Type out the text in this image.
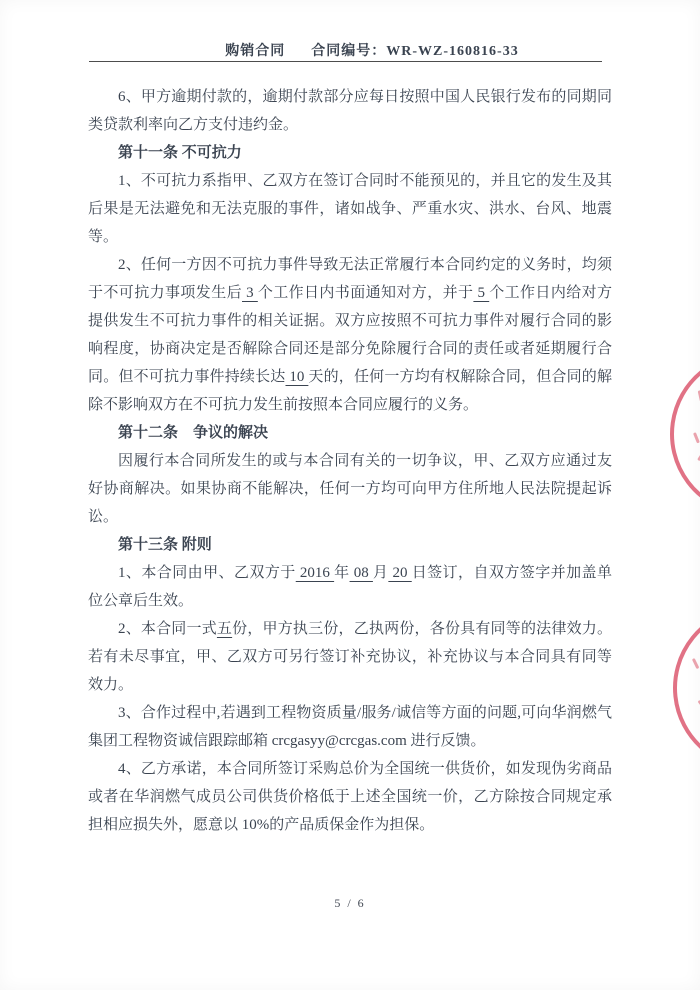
购销合同 合同编号：WR-WZ-160816-33

6、甲方逾期付款的，逾期付款部分应每日按照中国人民银行发布的同期同类贷款利率向乙方支付违约金。

第十一条 不可抗力

1、不可抗力系指甲、乙双方在签订合同时不能预见的，并且它的发生及其后果是无法避免和无法克服的事件，诸如战争、严重水灾、洪水、台风、地震等。

2、任何一方因不可抗力事件导致无法正常履行本合同约定的义务时，均须于不可抗力事项发生后 3 个工作日内书面通知对方，并于 5 个工作日内给对方提供发生不可抗力事件的相关证据。双方应按照不可抗力事件对履行合同的影响程度，协商决定是否解除合同还是部分免除履行合同的责任或者延期履行合同。但不可抗力事件持续长达 10 天的，任何一方均有权解除合同，但合同的解除不影响双方在不可抗力发生前按照本合同应履行的义务。

第十二条　争议的解决

因履行本合同所发生的或与本合同有关的一切争议，甲、乙双方应通过友好协商解决。如果协商不能解决，任何一方均可向甲方住所地人民法院提起诉讼。

第十三条 附则

1、本合同由甲、乙双方于 2016 年 08 月 20 日签订，自双方签字并加盖单位公章后生效。

2、本合同一式五份，甲方执三份，乙执两份，各份具有同等的法律效力。若有未尽事宜，甲、乙双方可另行签订补充协议，补充协议与本合同具有同等效力。

3、合作过程中,若遇到工程物资质量/服务/诚信等方面的问题,可向华润燃气集团工程物资诚信跟踪邮箱 crcgasyy@crcgas.com 进行反馈。

4、乙方承诺，本合同所签订采购总价为全国统一供货价，如发现伪劣商品或者在华润燃气成员公司供货价格低于上述全国统一价，乙方除按合同规定承担相应损失外，愿意以 10%的产品质保金作为担保。

5 / 6
